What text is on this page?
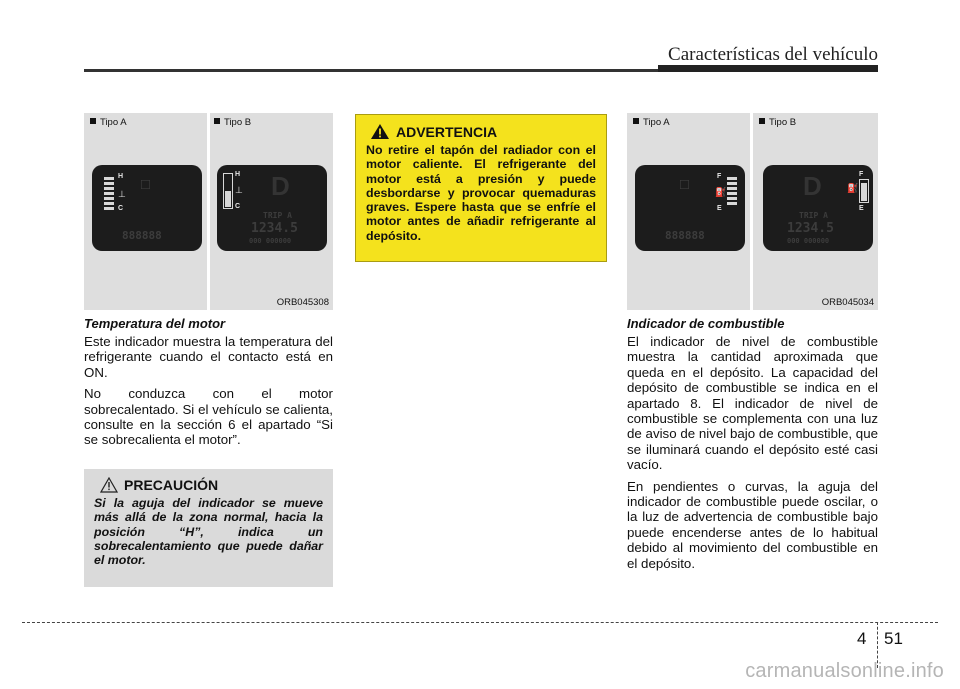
Características del vehículo
Tipo A	Tipo B
H
C
⊥ ☐
888888
H
⊥
C
D
TRIP A
1234.5
000 000000
ORB045308
Temperatura del motor

Este indicador muestra la temperatura del refrigerante cuando el contacto está en ON.

No conduzca con el motor sobrecalentado. Si el vehículo se calienta, consulte en la sección 6 el apartado “Si se sobrecalienta el motor”.

PRECAUCIÓN
Si la aguja del indicador se mueve más allá de la zona normal, hacia la posición “H”, indica un sobrecalentamiento que puede dañar el motor.
ADVERTENCIA
No retire el tapón del radiador con el motor caliente. El refrigerante del motor está a presión y puede desbordarse y provocar quemaduras graves. Espere hasta que se enfríe el motor antes de añadir refrigerante al depósito.
Tipo A	Tipo B
☐	F
⛽
E
888888
D	F
⛽
E
TRIP A
1234.5
000 000000
ORB045034
Indicador de combustible

El indicador de nivel de combustible muestra la cantidad aproximada que queda en el depósito. La capacidad del depósito de combustible se indica en el apartado 8. El indicador de nivel de combustible se complementa con una luz de aviso de nivel bajo de combustible, que se iluminará cuando el depósito esté casi vacío.

En pendientes o curvas, la aguja del indicador de combustible puede oscilar, o la luz de advertencia de combustible bajo puede encenderse antes de lo habitual debido al movimiento del combustible en el depósito.

4 51
carmanualsonline.info
